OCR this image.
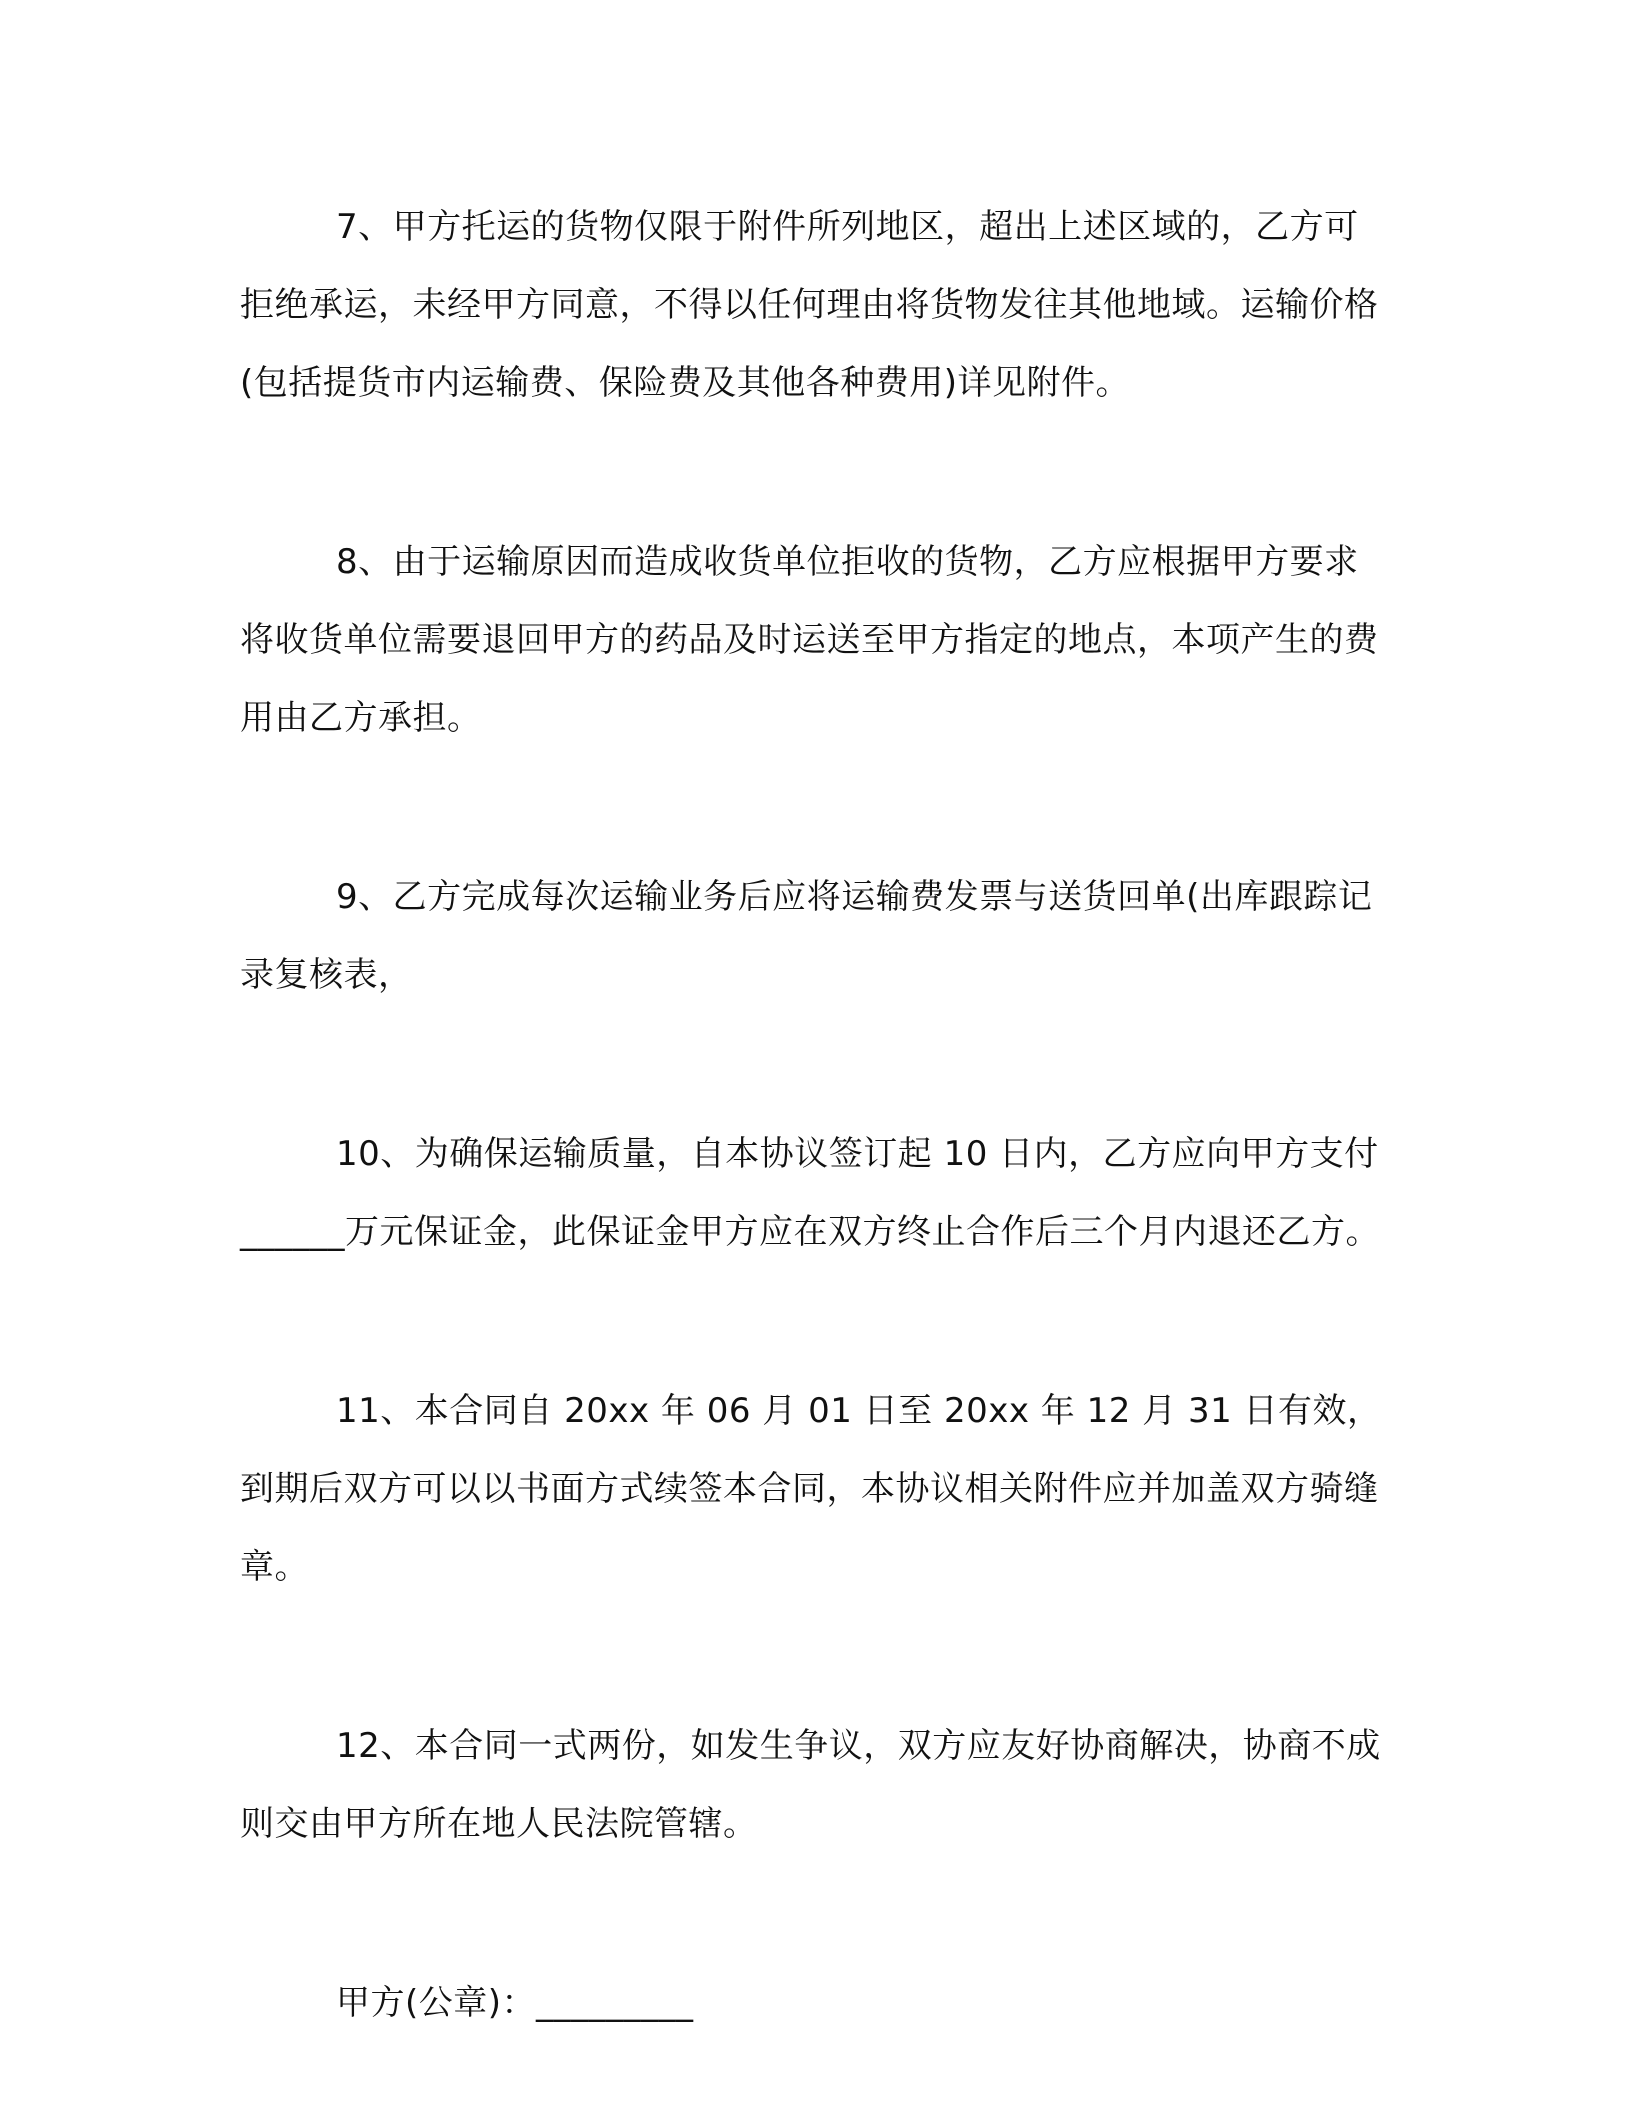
7、甲方托运的货物仅限于附件所列地区，超出上述区域的，乙方可拒绝承运，未经甲方同意，不得以任何理由将货物发往其他地域。运输价格(包括提货市内运输费、保险费及其他各种费用)详见附件。

8、由于运输原因而造成收货单位拒收的货物，乙方应根据甲方要求将收货单位需要退回甲方的药品及时运送至甲方指定的地点，本项产生的费用由乙方承担。

9、乙方完成每次运输业务后应将运输费发票与送货回单(出库跟踪记录复核表，

10、为确保运输质量，自本协议签订起 10 日内，乙方应向甲方支付______万元保证金，此保证金甲方应在双方终止合作后三个月内退还乙方。

11、本合同自 20xx 年 06 月 01 日至 20xx 年 12 月 31 日有效，到期后双方可以以书面方式续签本合同，本协议相关附件应并加盖双方骑缝章。

12、本合同一式两份，如发生争议，双方应友好协商解决，协商不成则交由甲方所在地人民法院管辖。

甲方(公章)：_________
